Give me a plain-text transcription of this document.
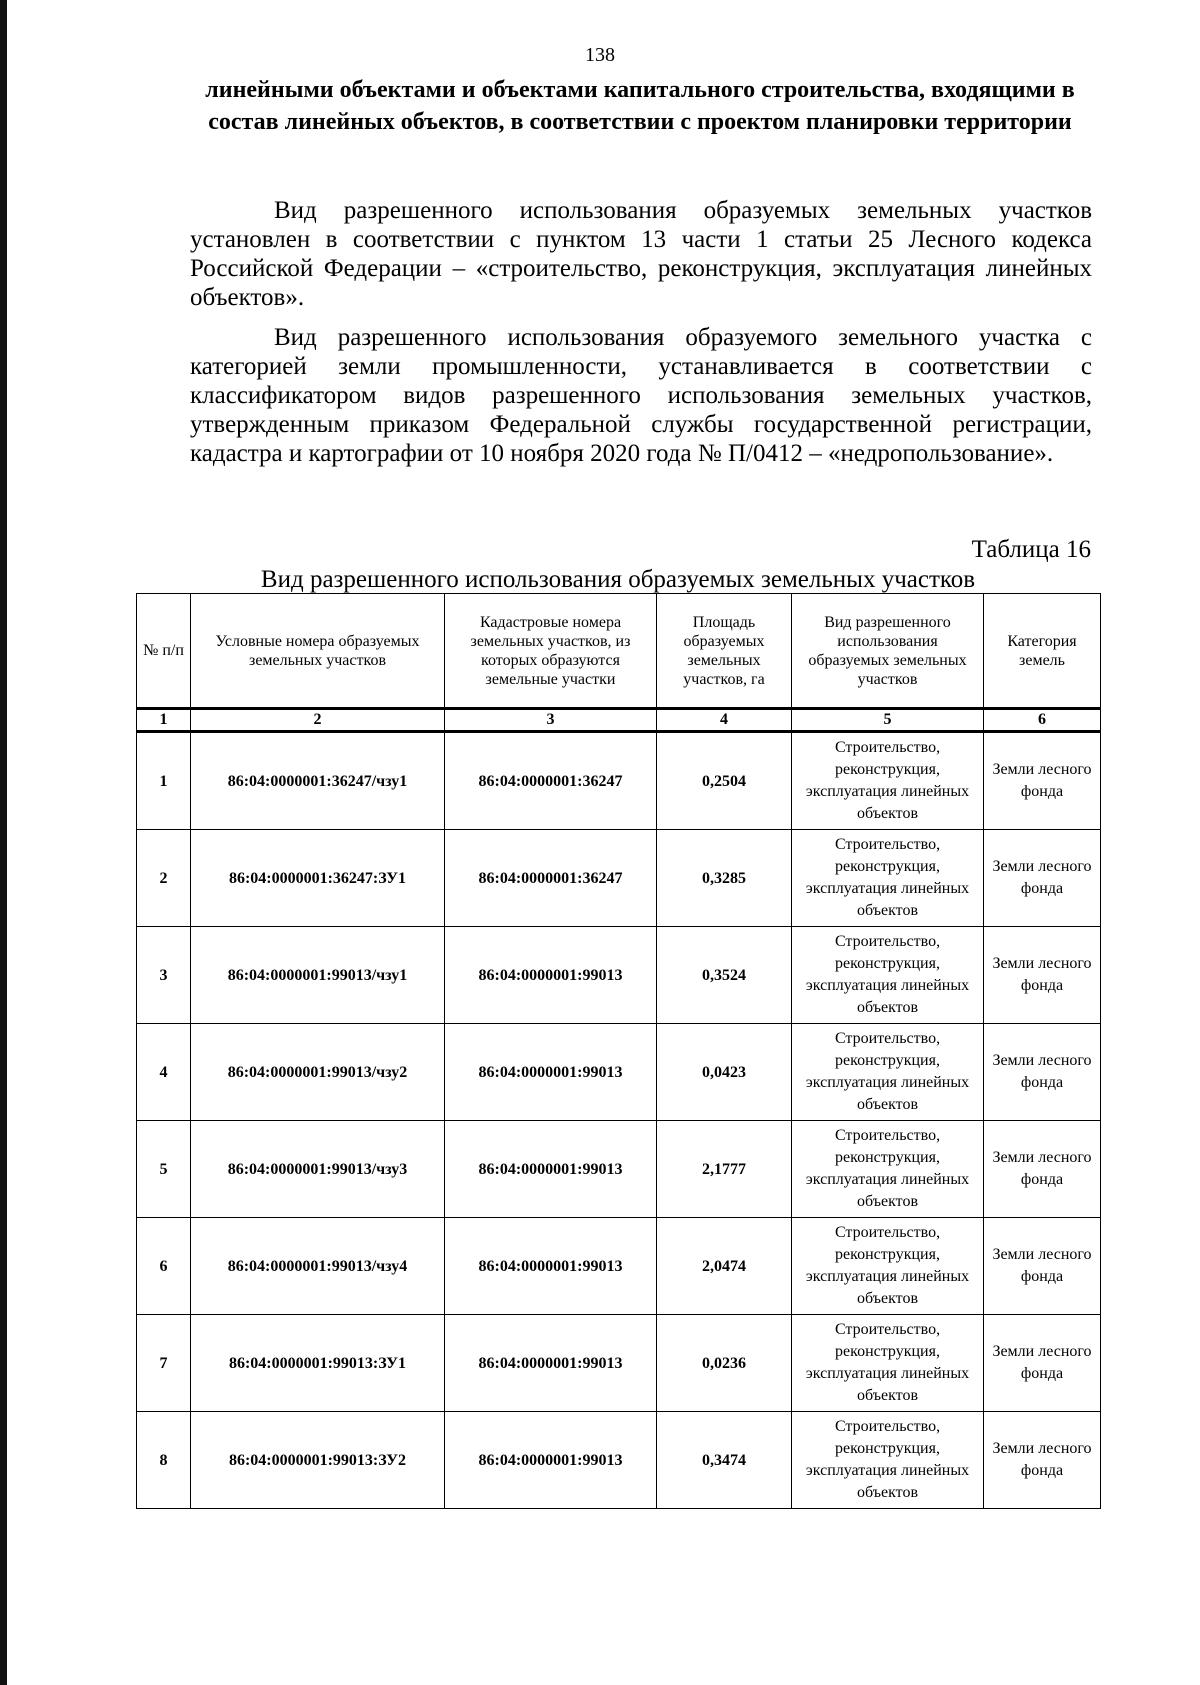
138
линейными объектами и объектами капитального строительства, входящими в состав линейных объектов, в соответствии с проектом планировки территории

Вид разрешенного использования образуемых земельных участков установлен в соответствии с пунктом 13 части 1 статьи 25 Лесного кодекса Российской Федерации – «строительство, реконструкция, эксплуатация линейных объектов».

Вид разрешенного использования образуемого земельного участка с категорией земли промышленности, устанавливается в соответствии с классификатором видов разрешенного использования земельных участков, утвержденным приказом Федеральной службы государственной регистрации, кадастра и картографии от 10 ноября 2020 года № П/0412 – «недропользование».

Таблица 16
Вид разрешенного использования образуемых земельных участков
№ п/п	Условные номера образуемых земельных участков	Кадастровые номера земельных участков, из которых образуются земельные участки	Площадь образуемых земельных участков, га	Вид разрешенного использования образуемых земельных участков	Категория земель
1	2	3	4	5	6
1	86:04:0000001:36247/чзу1	86:04:0000001:36247	0,2504	Строительство, реконструкция, эксплуатация линейных объектов	Земли лесного фонда
2	86:04:0000001:36247:ЗУ1	86:04:0000001:36247	0,3285	Строительство, реконструкция, эксплуатация линейных объектов	Земли лесного фонда
3	86:04:0000001:99013/чзу1	86:04:0000001:99013	0,3524	Строительство, реконструкция, эксплуатация линейных объектов	Земли лесного фонда
4	86:04:0000001:99013/чзу2	86:04:0000001:99013	0,0423	Строительство, реконструкция, эксплуатация линейных объектов	Земли лесного фонда
5	86:04:0000001:99013/чзу3	86:04:0000001:99013	2,1777	Строительство, реконструкция, эксплуатация линейных объектов	Земли лесного фонда
6	86:04:0000001:99013/чзу4	86:04:0000001:99013	2,0474	Строительство, реконструкция, эксплуатация линейных объектов	Земли лесного фонда
7	86:04:0000001:99013:ЗУ1	86:04:0000001:99013	0,0236	Строительство, реконструкция, эксплуатация линейных объектов	Земли лесного фонда
8	86:04:0000001:99013:ЗУ2	86:04:0000001:99013	0,3474	Строительство, реконструкция, эксплуатация линейных объектов	Земли лесного фонда
